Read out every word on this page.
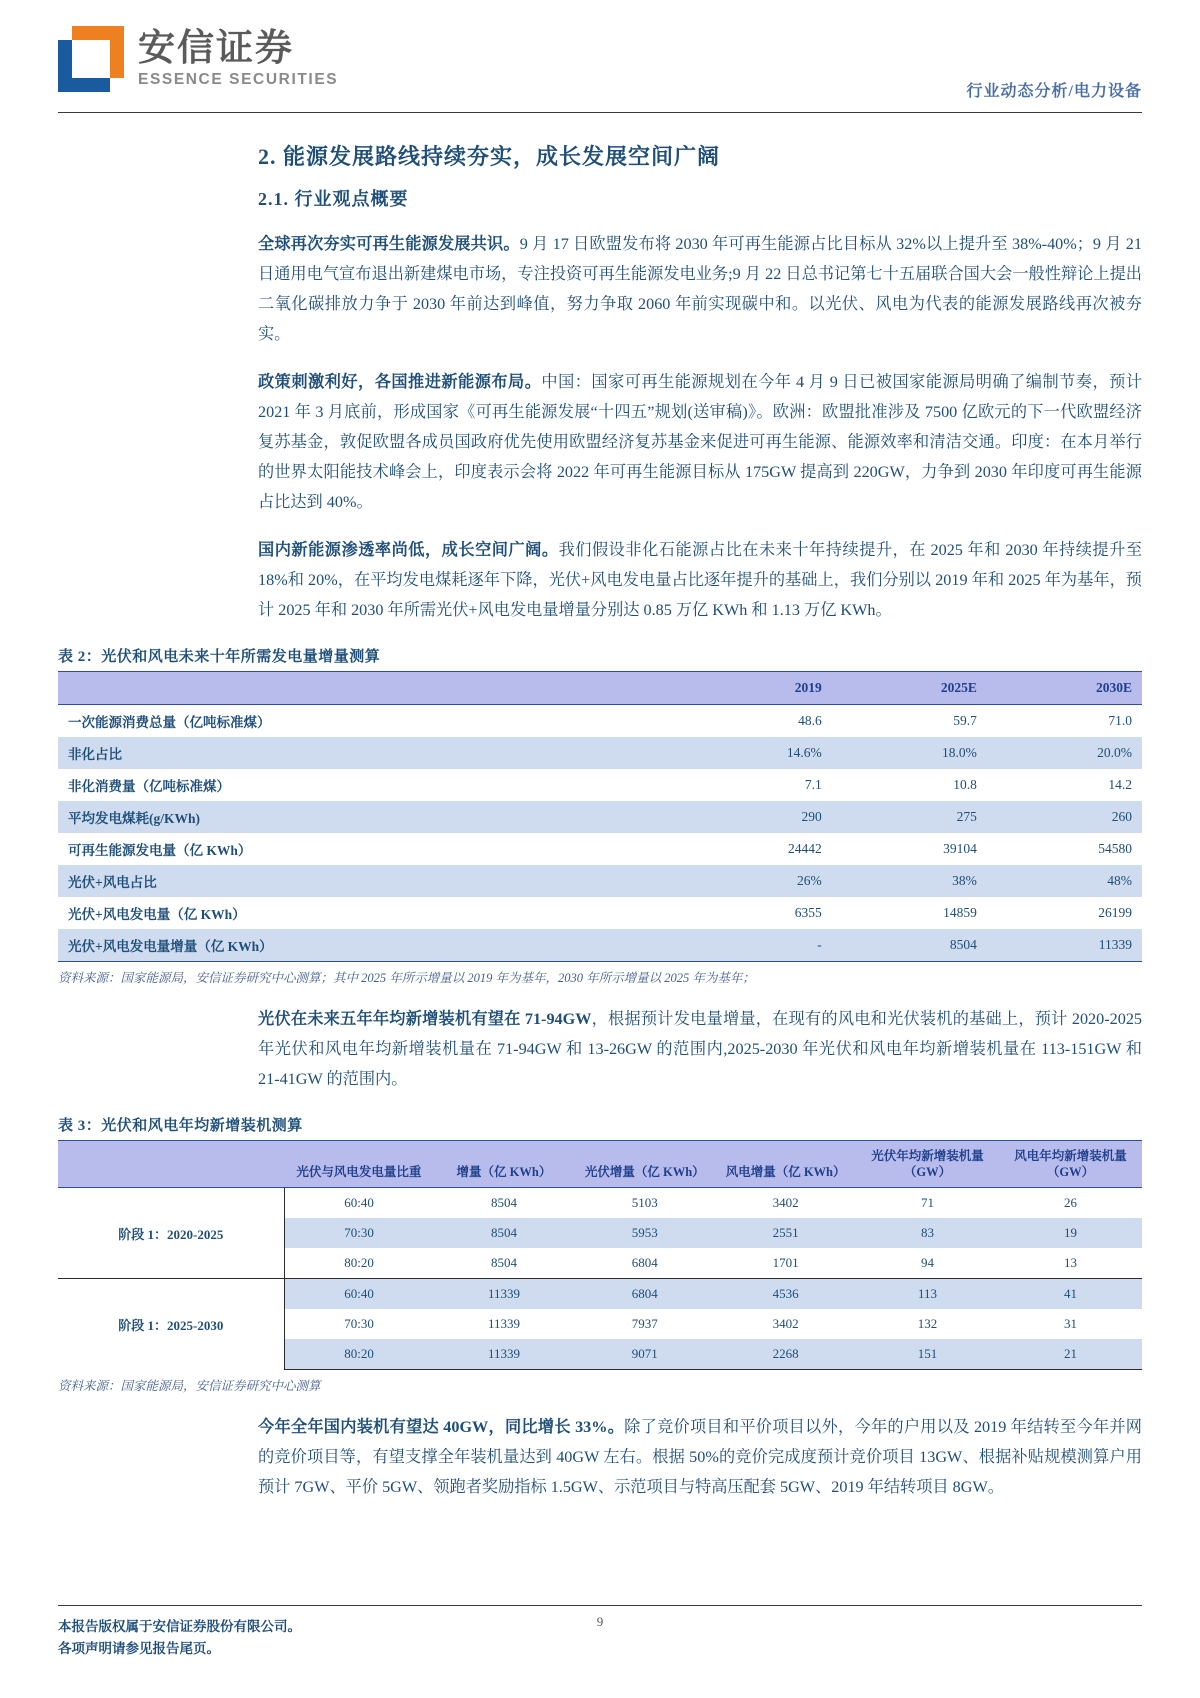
安信证券
ESSENCE SECURITIES
行业动态分析/电力设备
2. 能源发展路线持续夯实，成长发展空间广阔
2.1. 行业观点概要

全球再次夯实可再生能源发展共识。9 月 17 日欧盟发布将 2030 年可再生能源占比目标从 32%以上提升至 38%-40%；9 月 21 日通用电气宣布退出新建煤电市场，专注投资可再生能源发电业务;9 月 22 日总书记第七十五届联合国大会一般性辩论上提出二氧化碳排放力争于 2030 年前达到峰值，努力争取 2060 年前实现碳中和。以光伏、风电为代表的能源发展路线再次被夯实。

政策刺激利好，各国推进新能源布局。中国：国家可再生能源规划在今年 4 月 9 日已被国家能源局明确了编制节奏，预计 2021 年 3 月底前，形成国家《可再生能源发展“十四五”规划(送审稿)》。欧洲：欧盟批准涉及 7500 亿欧元的下一代欧盟经济复苏基金，敦促欧盟各成员国政府优先使用欧盟经济复苏基金来促进可再生能源、能源效率和清洁交通。印度：在本月举行的世界太阳能技术峰会上，印度表示会将 2022 年可再生能源目标从 175GW 提高到 220GW，力争到 2030 年印度可再生能源占比达到 40%。

国内新能源渗透率尚低，成长空间广阔。我们假设非化石能源占比在未来十年持续提升，在 2025 年和 2030 年持续提升至 18%和 20%，在平均发电煤耗逐年下降，光伏+风电发电量占比逐年提升的基础上，我们分别以 2019 年和 2025 年为基年，预计 2025 年和 2030 年所需光伏+风电发电量增量分别达 0.85 万亿 KWh 和 1.13 万亿 KWh。

表 2：光伏和风电未来十年所需发电量增量测算
	2019	2025E	2030E
一次能源消费总量（亿吨标准煤）	48.6	59.7	71.0
非化占比	14.6%	18.0%	20.0%
非化消费量（亿吨标准煤）	7.1	10.8	14.2
平均发电煤耗(g/KWh)	290	275	260
可再生能源发电量（亿 KWh）	24442	39104	54580
光伏+风电占比	26%	38%	48%
光伏+风电发电量（亿 KWh）	6355	14859	26199
光伏+风电发电量增量（亿 KWh）	-	8504	11339
资料来源：国家能源局，安信证券研究中心测算；其中 2025 年所示增量以 2019 年为基年，2030 年所示增量以 2025 年为基年；

光伏在未来五年年均新增装机有望在 71-94GW，根据预计发电量增量，在现有的风电和光伏装机的基础上，预计 2020-2025 年光伏和风电年均新增装机量在 71-94GW 和 13-26GW 的范围内,2025-2030 年光伏和风电年均新增装机量在 113-151GW 和 21-41GW 的范围内。

表 3：光伏和风电年均新增装机测算
	光伏与风电发电量比重	增量（亿 KWh）	光伏增量（亿 KWh）	风电增量（亿 KWh）	光伏年均新增装机量（GW）	风电年均新增装机量（GW）
阶段 1：2020-2025	60:40	8504	5103	3402	71	26
	70:30	8504	5953	2551	83	19
	80:20	8504	6804	1701	94	13
阶段 1：2025-2030	60:40	11339	6804	4536	113	41
	70:30	11339	7937	3402	132	31
	80:20	11339	9071	2268	151	21
资料来源：国家能源局，安信证券研究中心测算

今年全年国内装机有望达 40GW，同比增长 33%。除了竞价项目和平价项目以外，今年的户用以及 2019 年结转至今年并网的竞价项目等，有望支撑全年装机量达到 40GW 左右。根据 50%的竞价完成度预计竞价项目 13GW、根据补贴规模测算户用预计 7GW、平价 5GW、领跑者奖励指标 1.5GW、示范项目与特高压配套 5GW、2019 年结转项目 8GW。

本报告版权属于安信证券股份有限公司。
各项声明请参见报告尾页。
9
